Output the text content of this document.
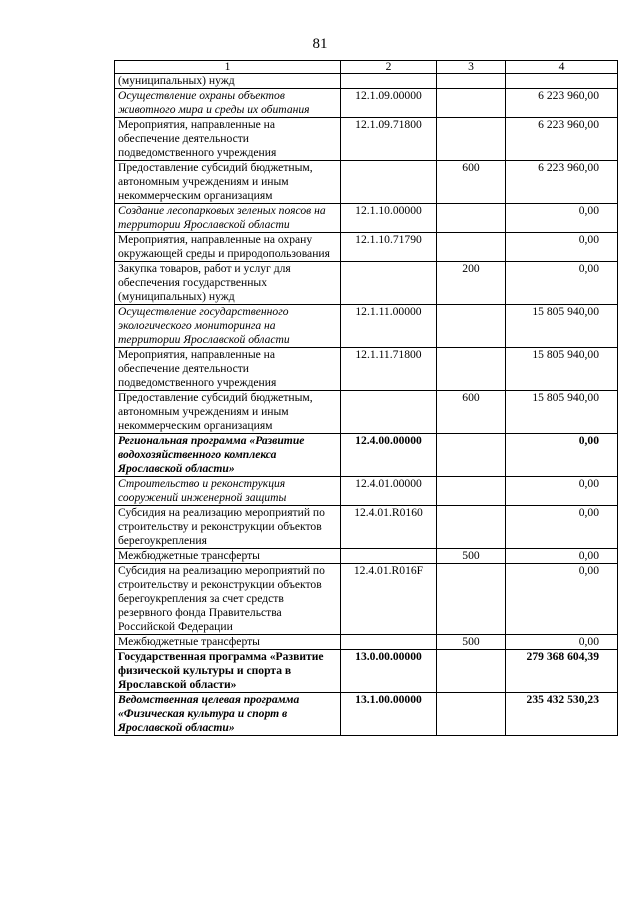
81
1	2	3	4
(муниципальных) нужд			
Осуществление охраны объектов животного мира и среды их обитания	12.1.09.00000		6 223 960,00
Мероприятия, направленные на обеспечение деятельности подведомственного учреждения	12.1.09.71800		6 223 960,00
Предоставление субсидий бюджетным, автономным учреждениям и иным некоммерческим организациям		600	6 223 960,00
Создание лесопарковых зеленых поясов на территории Ярославской области	12.1.10.00000		0,00
Мероприятия, направленные на охрану окружающей среды и природопользования	12.1.10.71790		0,00
Закупка товаров, работ и услуг для обеспечения государственных (муниципальных) нужд		200	0,00
Осуществление государственного экологического мониторинга на территории Ярославской области	12.1.11.00000		15 805 940,00
Мероприятия, направленные на обеспечение деятельности подведомственного учреждения	12.1.11.71800		15 805 940,00
Предоставление субсидий бюджетным, автономным учреждениям и иным некоммерческим организациям		600	15 805 940,00
Региональная программа «Развитие водохозяйственного комплекса Ярославской области»	12.4.00.00000		0,00
Строительство и реконструкция сооружений инженерной защиты	12.4.01.00000		0,00
Субсидия на реализацию мероприятий по строительству и реконструкции объектов берегоукрепления	12.4.01.R0160		0,00
Межбюджетные трансферты		500	0,00
Субсидия на реализацию мероприятий по строительству и реконструкции объектов берегоукрепления за счет средств резервного фонда Правительства Российской Федерации	12.4.01.R016F		0,00
Межбюджетные трансферты		500	0,00
Государственная программа «Развитие физической культуры и спорта в Ярославской области»	13.0.00.00000		279 368 604,39
Ведомственная целевая программа «Физическая культура и спорт в Ярославской области»	13.1.00.00000		235 432 530,23
